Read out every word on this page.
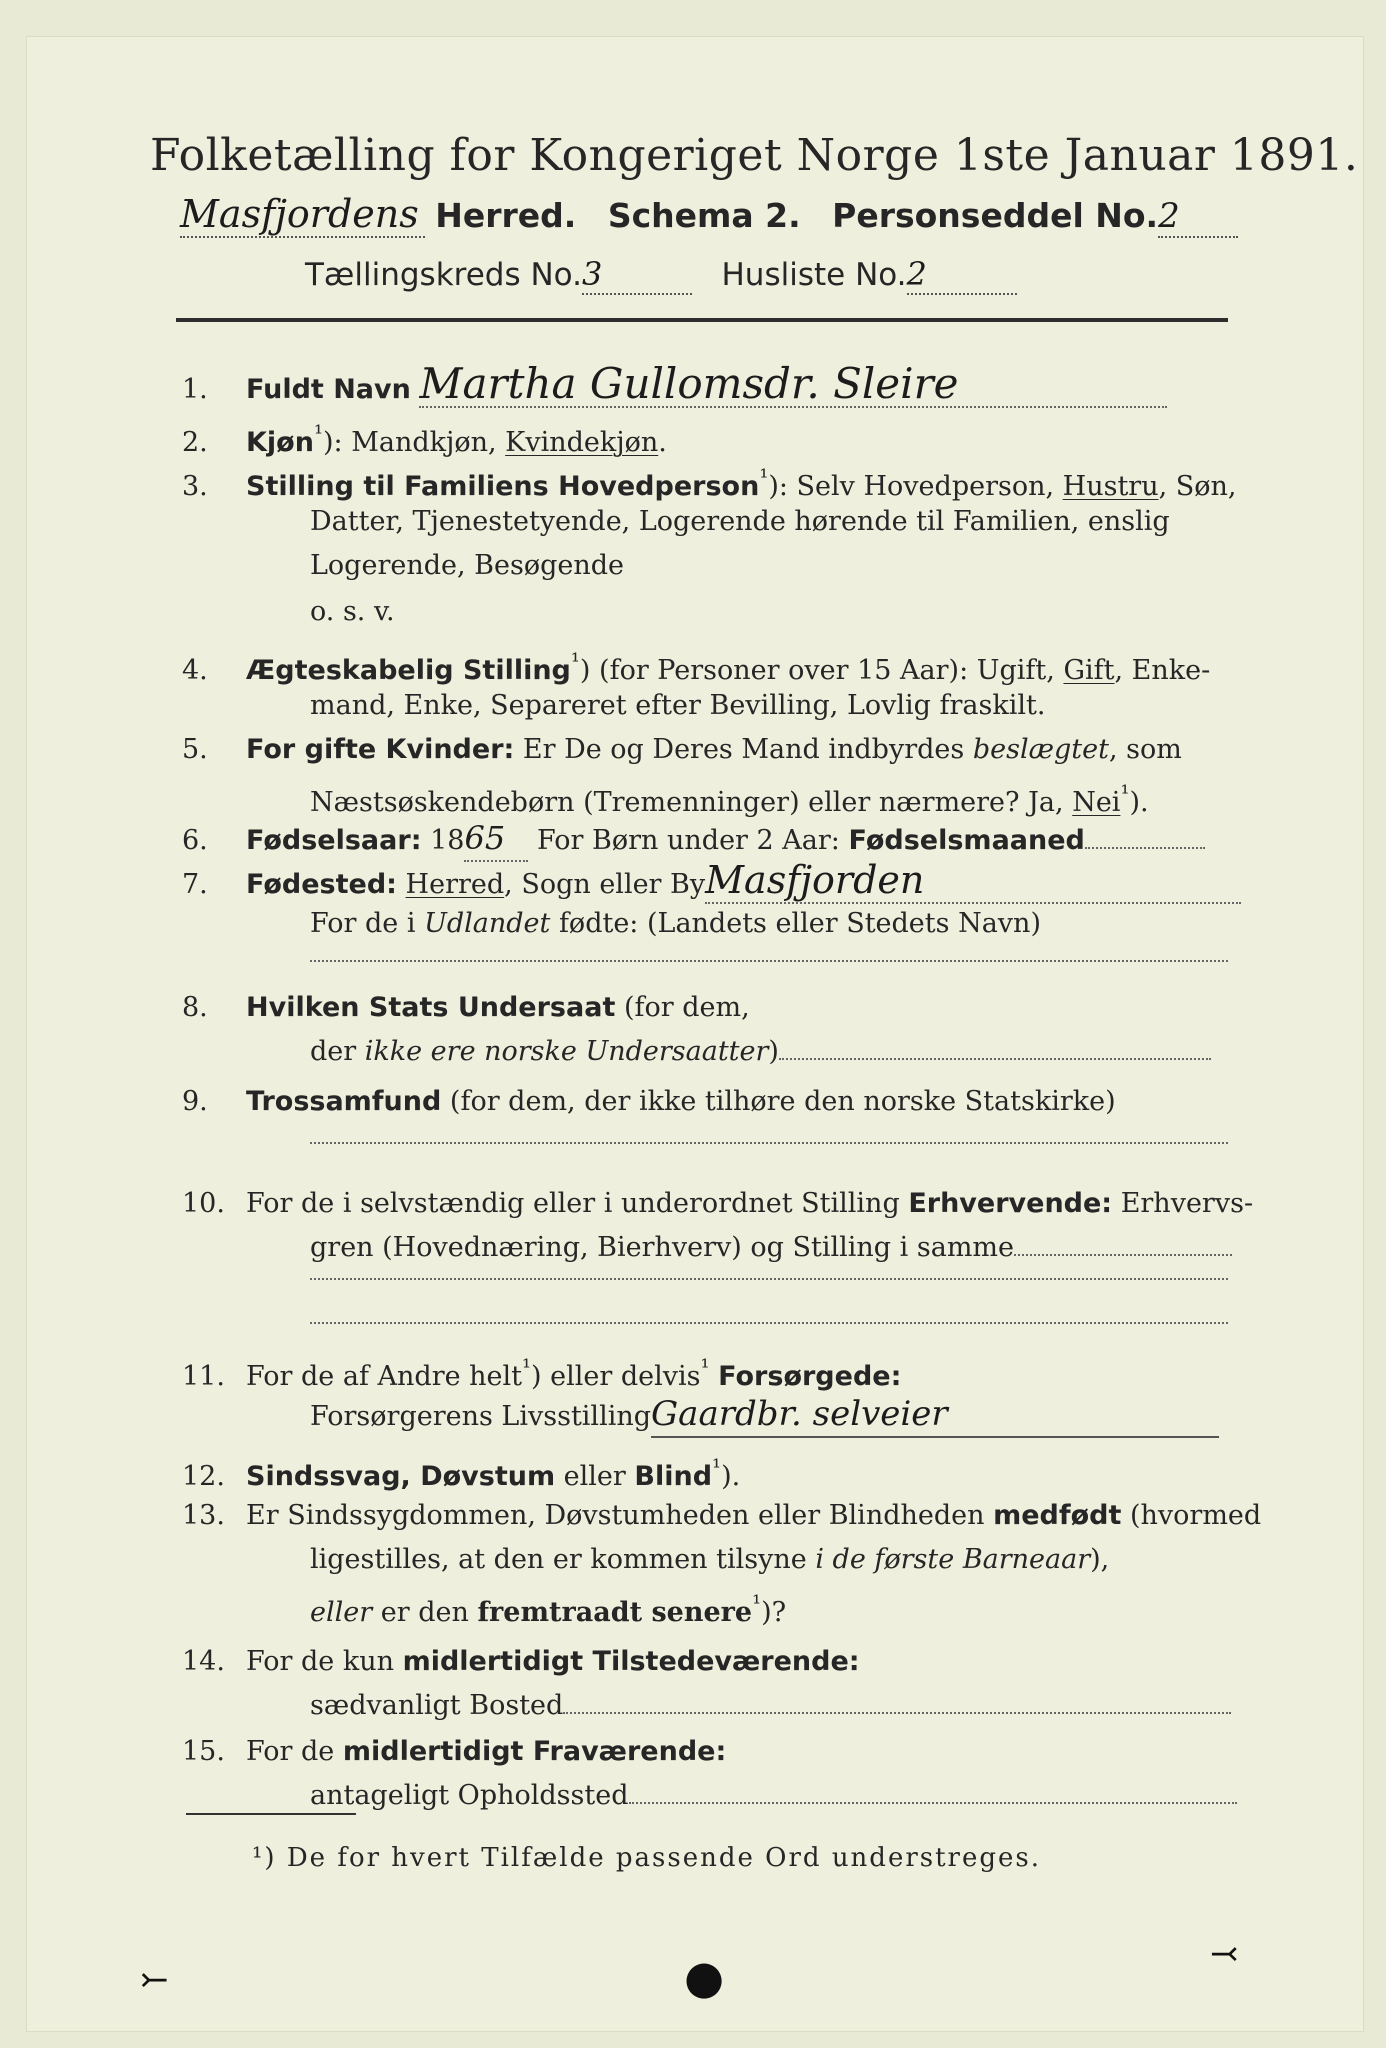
Folketælling for Kongeriget Norge 1ste Januar 1891.
Masfjordens Herred. Schema 2. Personseddel No.2
Tællingskreds No.3	Husliste No.2
1. Fuldt Navn Martha Gullomsdr. Sleire
2. Kjøn$^{^1}$): Mandkjøn, Kvindekjøn.
3. Stilling til Familiens Hovedperson$^{^1}$): Selv Hovedperson, Hustru, Søn,
Datter, Tjenestetyende, Logerende hørende til Familien, enslig
Logerende, Besøgende
o. s. v.
4. Ægteskabelig Stilling$^{^1}$) (for Personer over 15 Aar): Ugift, Gift, Enke-
mand, Enke, Separeret efter Bevilling, Lovlig fraskilt.
5. For gifte Kvinder: Er De og Deres Mand indbyrdes beslægtet, som
Næstsøskendebørn (Tremenninger) eller nærmere? Ja, Nei$^{^1}$).
6. Fødselsaar: 1865 For Børn under 2 Aar: Fødselsmaaned
7. Fødested: Herred, Sogn eller ByMasfjorden
For de i Udlandet fødte: (Landets eller Stedets Navn)
8. Hvilken Stats Undersaat (for dem,
der ikke ere norske Undersaatter)
9. Trossamfund (for dem, der ikke tilhøre den norske Statskirke)
10. For de i selvstændig eller i underordnet Stilling Erhvervende: Erhvervs-
gren (Hovednæring, Bierhverv) og Stilling i samme
11. For de af Andre helt$^{^1}$) eller delvis$^{^1}$ Forsørgede:
Forsørgerens LivsstillingGaardbr. selveier
12. Sindssvag, Døvstum eller Blind$^{^1}$).
13. Er Sindssygdommen, Døvstumheden eller Blindheden medfødt (hvormed
ligestilles, at den er kommen tilsyne i de første Barneaar),
eller er den fremtraadt senere$^{^1}$)?
14. For de kun midlertidigt Tilstedeværende:
sædvanligt Bosted
15. For de midlertidigt Fraværende:
antageligt Opholdssted
¹) De for hvert Tilfælde passende Ord understreges.
⤚	●	⤙
